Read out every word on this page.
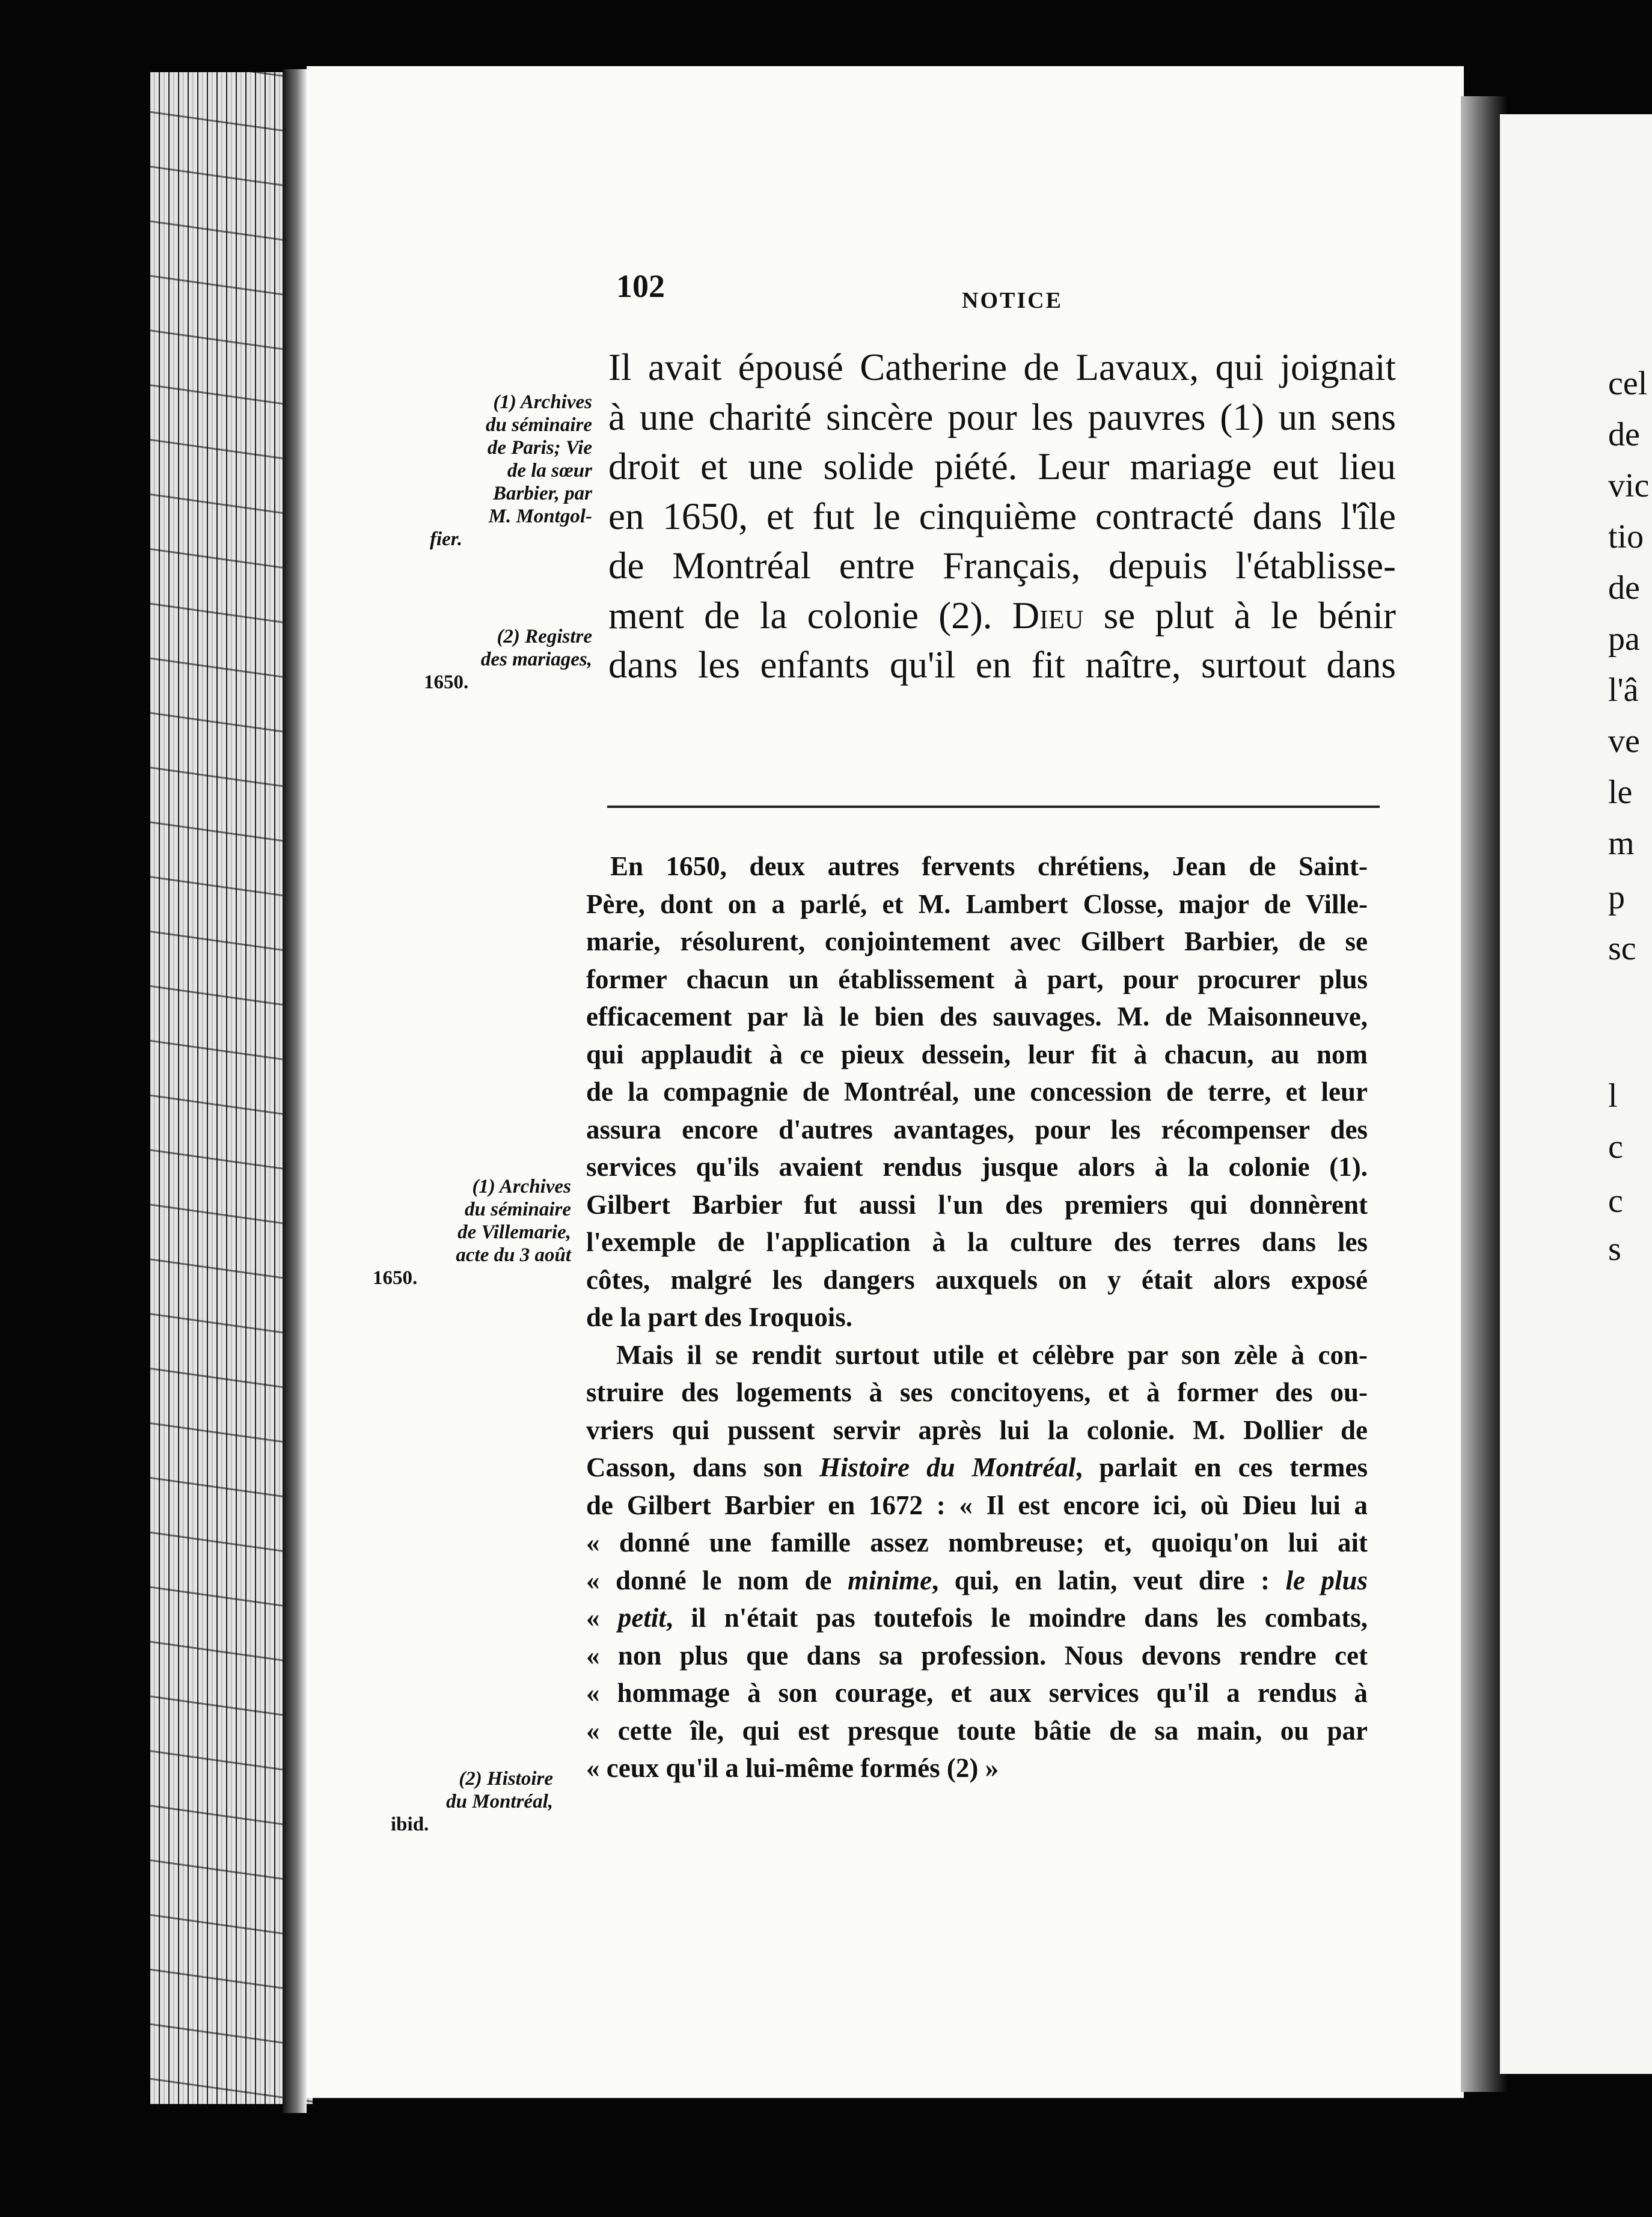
cel
de
vic
tio
de
pa
l'â
ve
le
m
p
sc
l
c
c
s
102	NOTICE
Il avait épousé Catherine de Lavaux, qui joignait
à une charité sincère pour les pauvres (1) un sens
droit et une solide piété. Leur mariage eut lieu
en 1650, et fut le cinquième contracté dans l'île
de Montréal entre Français, depuis l'établisse-
ment de la colonie (2). Dieu se plut à le bénir
dans les enfants qu'il en fit naître, surtout dans
(1) Archives
du séminaire
de Paris; Vie
de la sœur
Barbier, par
M. Montgol-
fier.
(2) Registre
des mariages,
1650.
En 1650, deux autres fervents chrétiens, Jean de Saint-
Père, dont on a parlé, et M. Lambert Closse, major de Ville-
marie, résolurent, conjointement avec Gilbert Barbier, de se
former chacun un établissement à part, pour procurer plus
efficacement par là le bien des sauvages. M. de Maisonneuve,
qui applaudit à ce pieux dessein, leur fit à chacun, au nom
de la compagnie de Montréal, une concession de terre, et leur
assura encore d'autres avantages, pour les récompenser des
services qu'ils avaient rendus jusque alors à la colonie (1).
Gilbert Barbier fut aussi l'un des premiers qui donnèrent
l'exemple de l'application à la culture des terres dans les
côtes, malgré les dangers auxquels on y était alors exposé
de la part des Iroquois.
Mais il se rendit surtout utile et célèbre par son zèle à con-
struire des logements à ses concitoyens, et à former des ou-
vriers qui pussent servir après lui la colonie. M. Dollier de
Casson, dans son Histoire du Montréal, parlait en ces termes
de Gilbert Barbier en 1672 : « Il est encore ici, où Dieu lui a
« donné une famille assez nombreuse; et, quoiqu'on lui ait
« donné le nom de minime, qui, en latin, veut dire : le plus
« petit, il n'était pas toutefois le moindre dans les combats,
« non plus que dans sa profession. Nous devons rendre cet
« hommage à son courage, et aux services qu'il a rendus à
« cette île, qui est presque toute bâtie de sa main, ou par
« ceux qu'il a lui-même formés (2) »
(1) Archives
du séminaire
de Villemarie,
acte du 3 août
1650.
(2) Histoire
du Montréal,
ibid.
